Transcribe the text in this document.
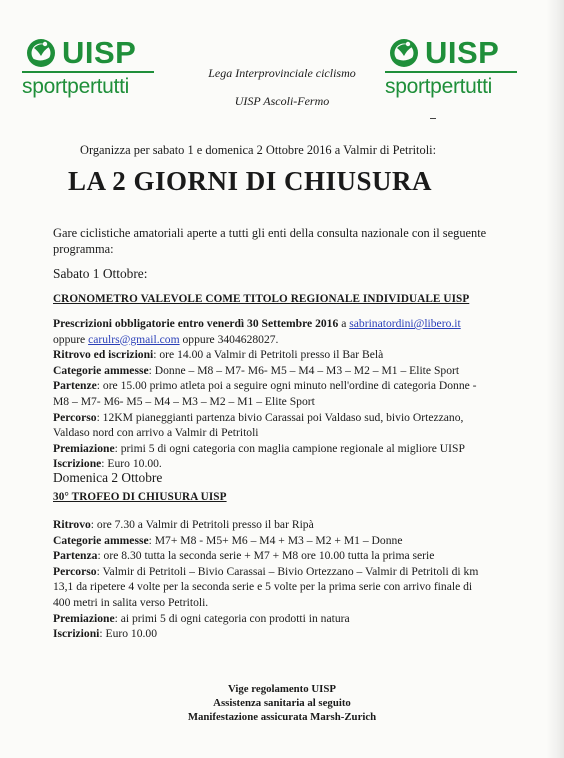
UISP
sportpertutti
UISP
sportpertutti
Lega Interprovinciale ciclismo
UISP Ascoli-Fermo
Organizza per sabato 1 e domenica 2 Ottobre 2016 a Valmir di Petritoli:
LA 2 GIORNI DI CHIUSURA
Gare ciclistiche amatoriali aperte a tutti gli enti della consulta nazionale con il seguente
programma:
Sabato 1 Ottobre:
CRONOMETRO VALEVOLE COME TITOLO REGIONALE INDIVIDUALE UISP

Prescrizioni obbligatorie entro venerdì 30 Settembre 2016 a sabrinatordini@libero.it

oppure carulrs@gmail.com oppure 3404628027.

Ritrovo ed iscrizioni: ore 14.00 a Valmir di Petritoli presso il Bar Belà

Categorie ammesse: Donne – M8 – M7- M6- M5 – M4 – M3 – M2 – M1 – Elite Sport

Partenze: ore 15.00 primo atleta poi a seguire ogni minuto nell'ordine di categoria Donne -

M8 – M7- M6- M5 – M4 – M3 – M2 – M1 – Elite Sport

Percorso: 12KM pianeggianti partenza bivio Carassai poi Valdaso sud, bivio Ortezzano,

Valdaso nord con arrivo a Valmir di Petritoli

Premiazione: primi 5 di ogni categoria con maglia campione regionale al migliore UISP

Iscrizione: Euro 10.00.

Domenica 2 Ottobre
30° TROFEO DI CHIUSURA UISP

Ritrovo: ore 7.30 a Valmir di Petritoli presso il bar Ripà

Categorie ammesse: M7+ M8 - M5+ M6 – M4 + M3 – M2 + M1 – Donne

Partenza: ore 8.30 tutta la seconda serie + M7 + M8 ore 10.00 tutta la prima serie

Percorso: Valmir di Petritoli – Bivio Carassai – Bivio Ortezzano – Valmir di Petritoli di km

13,1 da ripetere 4 volte per la seconda serie e 5 volte per la prima serie con arrivo finale di

400 metri in salita verso Petritoli.

Premiazione: ai primi 5 di ogni categoria con prodotti in natura

Iscrizioni: Euro 10.00

Vige regolamento UISP
Assistenza sanitaria al seguito
Manifestazione assicurata Marsh-Zurich
